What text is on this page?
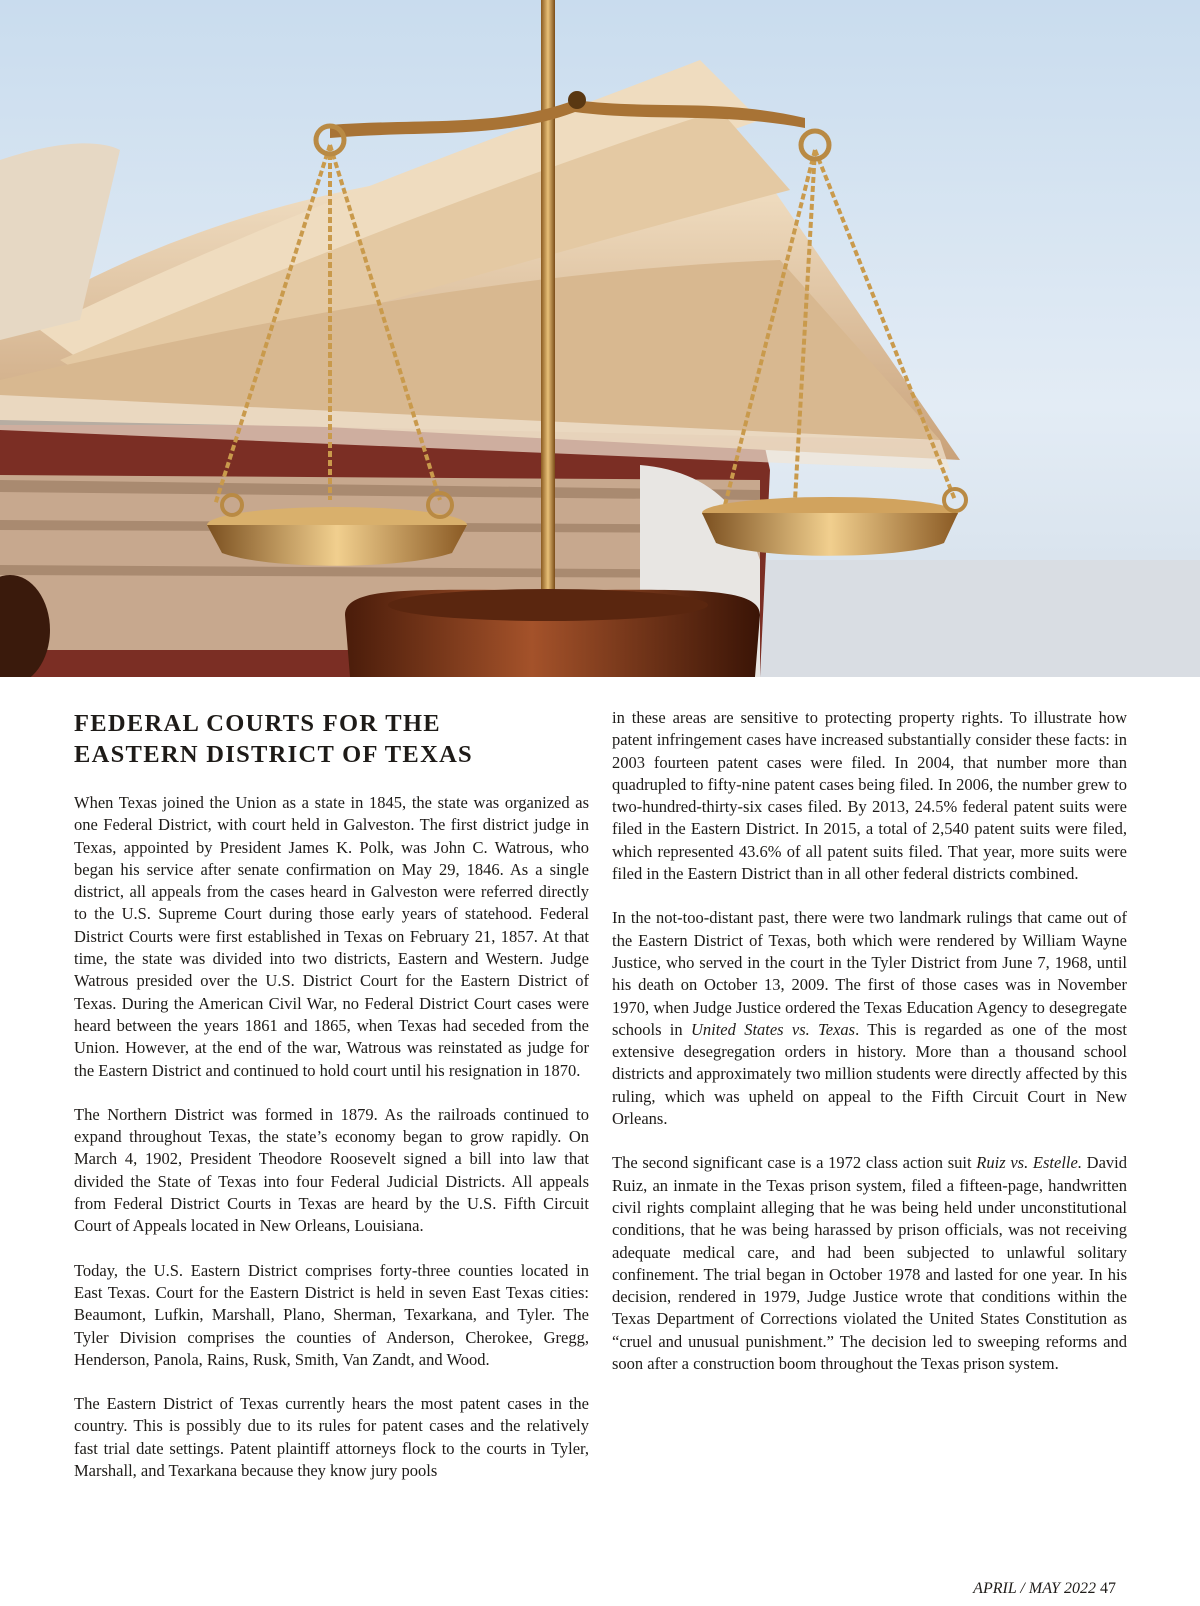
FEDERAL COURTS FOR THE
EASTERN DISTRICT OF TEXAS

When Texas joined the Union as a state in 1845, the state was organized as one Federal District, with court held in Galveston. The first district judge in Texas, appointed by President James K. Polk, was John C. Watrous, who began his service after senate confirmation on May 29, 1846. As a single district, all appeals from the cases heard in Galveston were referred directly to the U.S. Supreme Court during those early years of statehood. Federal District Courts were first established in Texas on February 21, 1857. At that time, the state was divided into two districts, Eastern and Western. Judge Watrous presided over the U.S. District Court for the Eastern District of Texas. During the American Civil War, no Federal District Court cases were heard between the years 1861 and 1865, when Texas had seceded from the Union. However, at the end of the war, Watrous was reinstated as judge for the Eastern District and continued to hold court until his resignation in 1870.

The Northern District was formed in 1879. As the railroads continued to expand throughout Texas, the state’s economy began to grow rapidly. On March 4, 1902, President Theodore Roosevelt signed a bill into law that divided the State of Texas into four Federal Judicial Districts. All appeals from Federal District Courts in Texas are heard by the U.S. Fifth Circuit Court of Appeals located in New Orleans, Louisiana.

Today, the U.S. Eastern District comprises forty-three counties located in East Texas. Court for the Eastern District is held in seven East Texas cities: Beaumont, Lufkin, Marshall, Plano, Sherman, Texarkana, and Tyler. The Tyler Division comprises the counties of Anderson, Cherokee, Gregg, Henderson, Panola, Rains, Rusk, Smith, Van Zandt, and Wood.

The Eastern District of Texas currently hears the most patent cases in the country. This is possibly due to its rules for patent cases and the relatively fast trial date settings. Patent plaintiff attorneys flock to the courts in Tyler, Marshall, and Texarkana because they know jury pools

in these areas are sensitive to protecting property rights. To illustrate how patent infringement cases have increased substantially consider these facts: in 2003 fourteen patent cases were filed. In 2004, that number more than quadrupled to fifty-nine patent cases being filed. In 2006, the number grew to two-hundred-thirty-six cases filed. By 2013, 24.5% federal patent suits were filed in the Eastern District. In 2015, a total of 2,540 patent suits were filed, which represented 43.6% of all patent suits filed. That year, more suits were filed in the Eastern District than in all other federal districts combined.

In the not-too-distant past, there were two landmark rulings that came out of the Eastern District of Texas, both which were rendered by William Wayne Justice, who served in the court in the Tyler District from June 7, 1968, until his death on October 13, 2009. The first of those cases was in November 1970, when Judge Justice ordered the Texas Education Agency to desegregate schools in United States vs. Texas. This is regarded as one of the most extensive desegregation orders in history. More than a thousand school districts and approximately two million students were directly affected by this ruling, which was upheld on appeal to the Fifth Circuit Court in New Orleans.

The second significant case is a 1972 class action suit Ruiz vs. Estelle. David Ruiz, an inmate in the Texas prison system, filed a fifteen-page, handwritten civil rights complaint alleging that he was being held under unconstitutional conditions, that he was being harassed by prison officials, was not receiving adequate medical care, and had been subjected to unlawful solitary confinement. The trial began in October 1978 and lasted for one year. In his decision, rendered in 1979, Judge Justice wrote that conditions within the Texas Department of Corrections violated the United States Constitution as “cruel and unusual punishment.” The decision led to sweeping reforms and soon after a construction boom throughout the Texas prison system.

APRIL / MAY 2022 47
